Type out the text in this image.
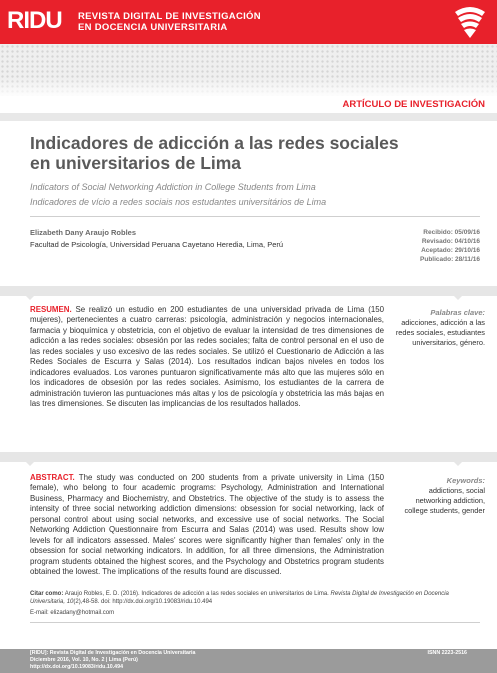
RIDU REVISTA DIGITAL DE INVESTIGACIÓN
EN DOCENCIA UNIVERSITARIA
ARTÍCULO DE INVESTIGACIÓN
Indicadores de adicción a las redes sociales
en universitarios de Lima
Indicators of Social Networking Addiction in College Students from Lima
Indicadores de vício a redes sociais nos estudantes universitários de Lima
Elizabeth Dany Araujo Robles
Facultad de Psicología, Universidad Peruana Cayetano Heredia, Lima, Perú
Recibido: 05/09/16
Revisado: 04/10/16
Aceptado: 29/10/16
Publicado: 28/11/16
RESUMEN. Se realizó un estudio en 200 estudiantes de una universidad privada de Lima (150 mujeres), pertenecientes a cuatro carreras: psicología, administración y negocios internacionales, farmacia y bioquímica y obstetricia, con el objetivo de evaluar la intensidad de tres dimensiones de adicción a las redes sociales: obsesión por las redes sociales; falta de control personal en el uso de las redes sociales y uso excesivo de las redes sociales. Se utilizó el Cuestionario de Adicción a las Redes Sociales de Escurra y Salas (2014). Los resultados indican bajos niveles en todos los indicadores evaluados. Los varones puntuaron significativamente más alto que las mujeres sólo en los indicadores de obsesión por las redes sociales. Asimismo, los estudiantes de la carrera de administración tuvieron las puntuaciones más altas y los de psicología y obstetricia las más bajas en las tres dimensiones. Se discuten las implicancias de los resultados hallados.
Palabras clave:
adicciones, adicción a las redes sociales, estudiantes universitarios, género.
ABSTRACT. The study was conducted on 200 students from a private university in Lima (150 female), who belong to four academic programs: Psychology, Administration and International Business, Pharmacy and Biochemistry, and Obstetrics. The objective of the study is to assess the intensity of three social networking addiction dimensions: obsession for social networking, lack of personal control about using social networks, and excessive use of social networks. The Social Networking Addiction Questionnaire from Escurra and Salas (2014) was used. Results show low levels for all indicators assessed. Males' scores were significantly higher than females' only in the obsession for social networking indicators. In addition, for all three dimensions, the Administration program students obtained the highest scores, and the Psychology and Obstetrics program students obtained the lowest. The implications of the results found are discussed.
Keywords:
addictions, social networking addiction, college students, gender
Citar como: Araujo Robles, E. D. (2016). Indicadores de adicción a las redes sociales en universitarios de Lima. Revista Digital de Investigación en Docencia Universitaria, 10(2),48-58. doi: http://dx.doi.org/10.19083/ridu.10.494
E-mail: elizadany@hotmail.com
[RIDU]: Revista Digital de Investigación en Docencia Universitaria
Diciembre 2016, Vol. 10, No. 2 | Lima (Perú)
http://dx.doi.org/10.19083/ridu.10.494
ISNN 2223-2516
